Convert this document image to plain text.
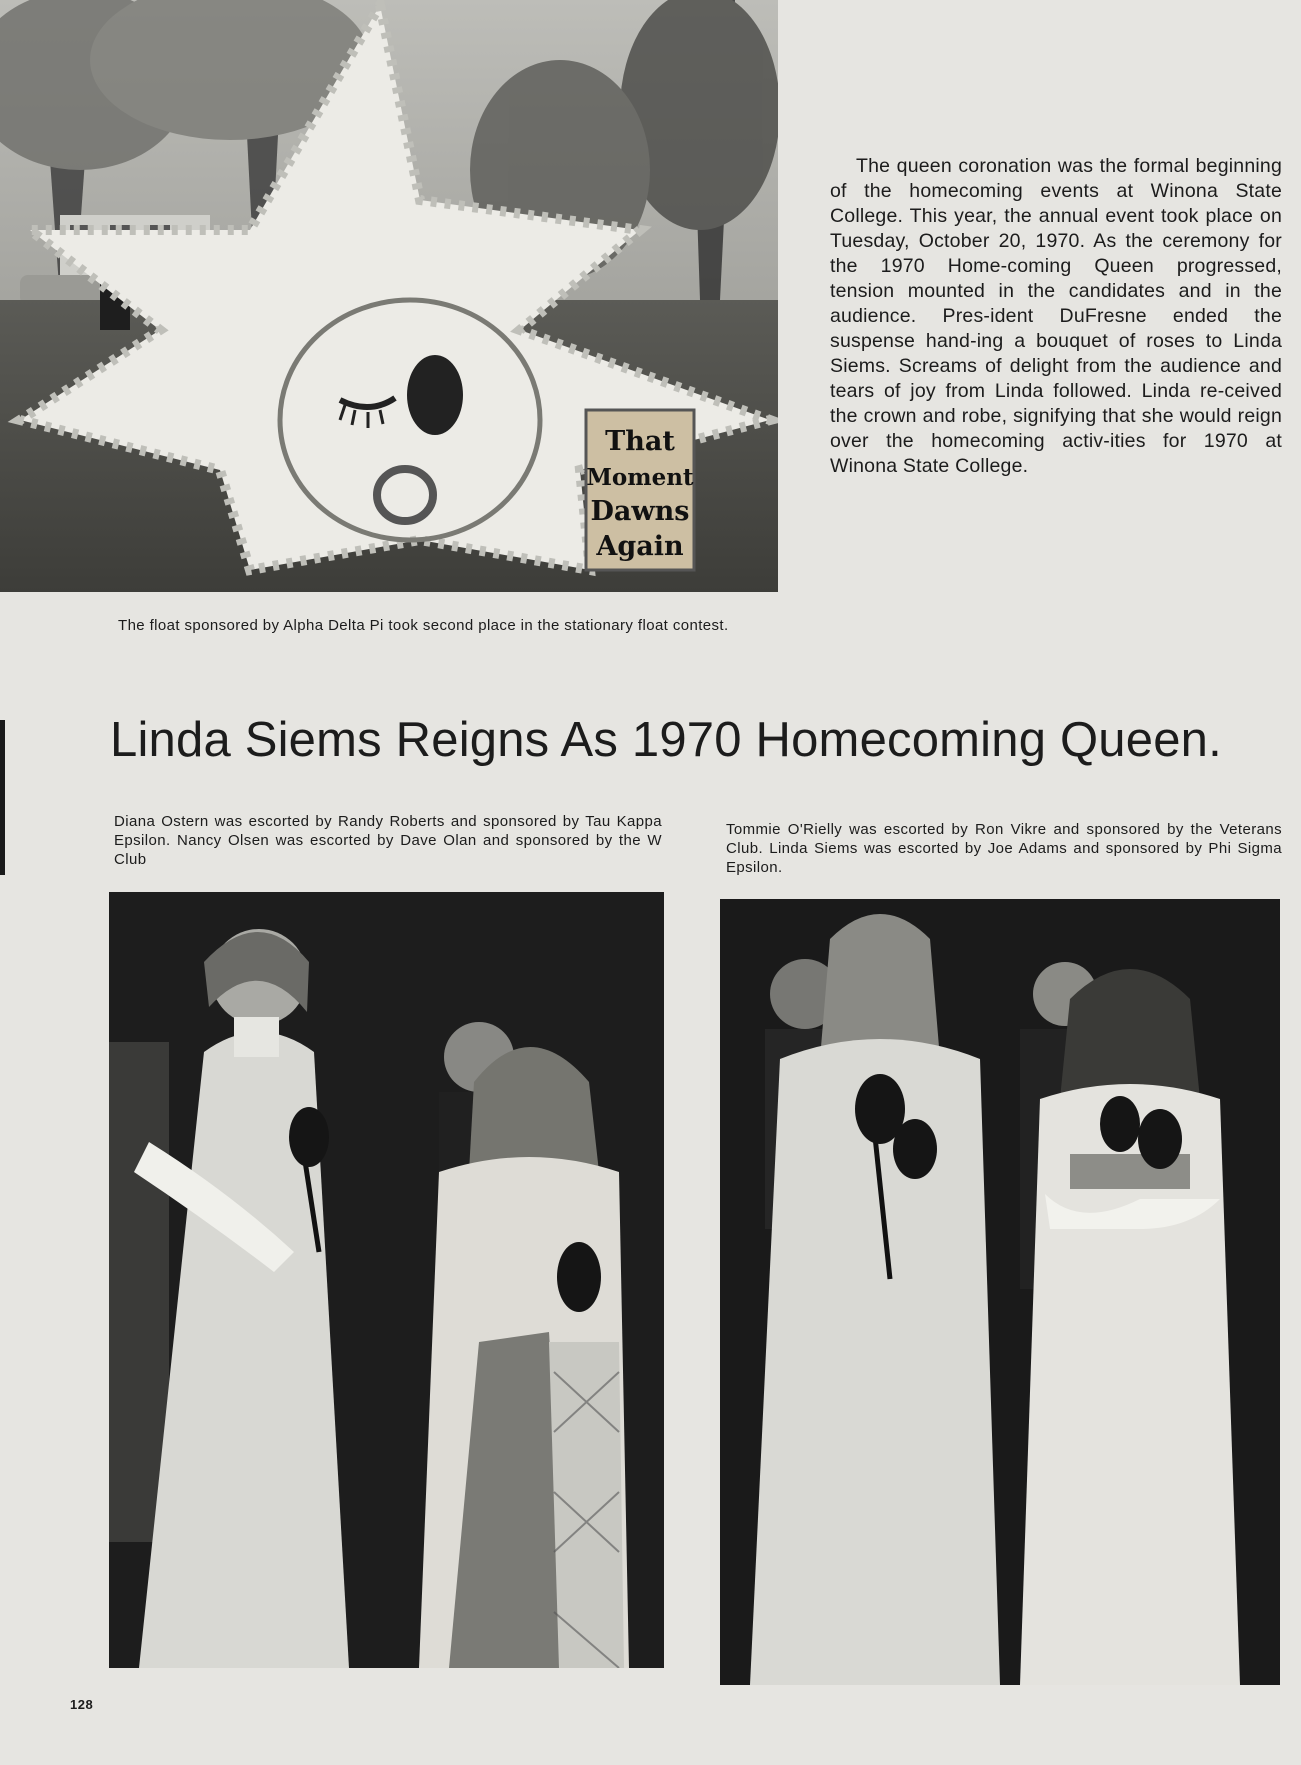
That
Moment
Dawns
Again
The queen coronation was the formal beginning of the homecoming events at Winona State College. This year, the annual event took place on Tuesday, October 20, 1970. As the ceremony for the 1970 Home-coming Queen progressed, tension mounted in the candidates and in the audience. Pres-ident DuFresne ended the suspense hand-ing a bouquet of roses to Linda Siems. Screams of delight from the audience and tears of joy from Linda followed. Linda re-ceived the crown and robe, signifying that she would reign over the homecoming activ-ities for 1970 at Winona State College.
The float sponsored by Alpha Delta Pi took second place in the stationary float contest.
Linda Siems Reigns As 1970 Homecoming Queen.
Diana Ostern was escorted by Randy Roberts and sponsored by Tau Kappa Epsilon. Nancy Olsen was escorted by Dave Olan and sponsored by the W Club
Tommie O'Rielly was escorted by Ron Vikre and sponsored by the Veterans Club. Linda Siems was escorted by Joe Adams and sponsored by Phi Sigma Epsilon.
128
